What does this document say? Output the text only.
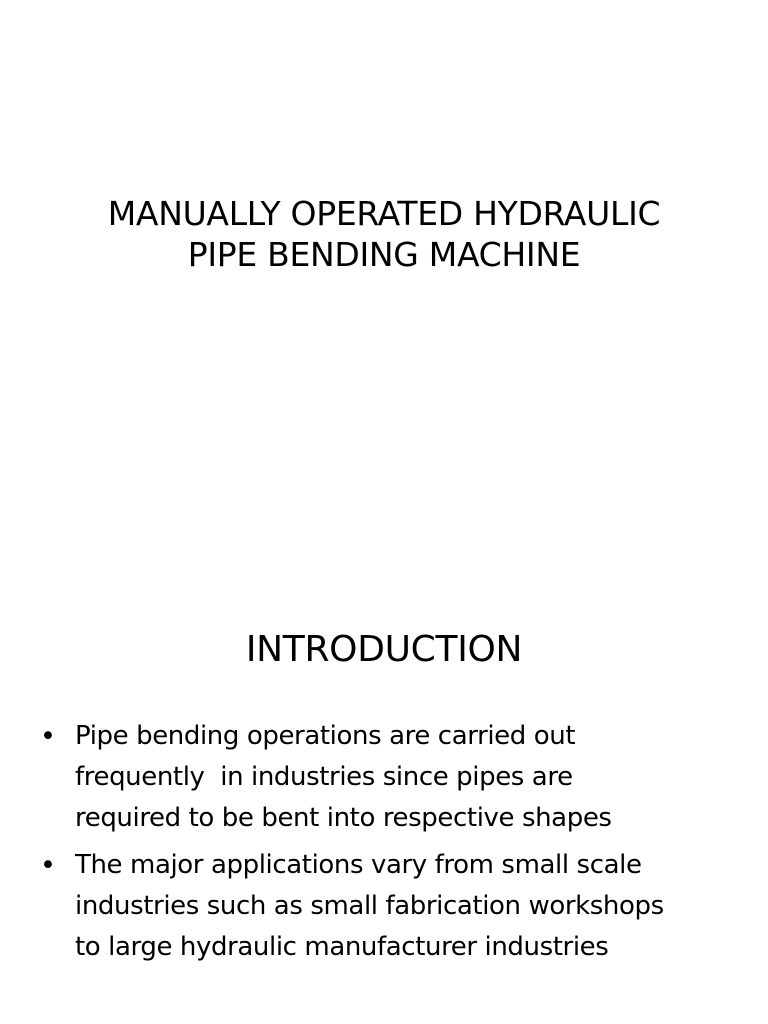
MANUALLY OPERATED HYDRAULIC
PIPE BENDING MACHINE
INTRODUCTION
• Pipe bending operations are carried out
frequently  in industries since pipes are
required to be bent into respective shapes
• The major applications vary from small scale
industries such as small fabrication workshops
to large hydraulic manufacturer industries
